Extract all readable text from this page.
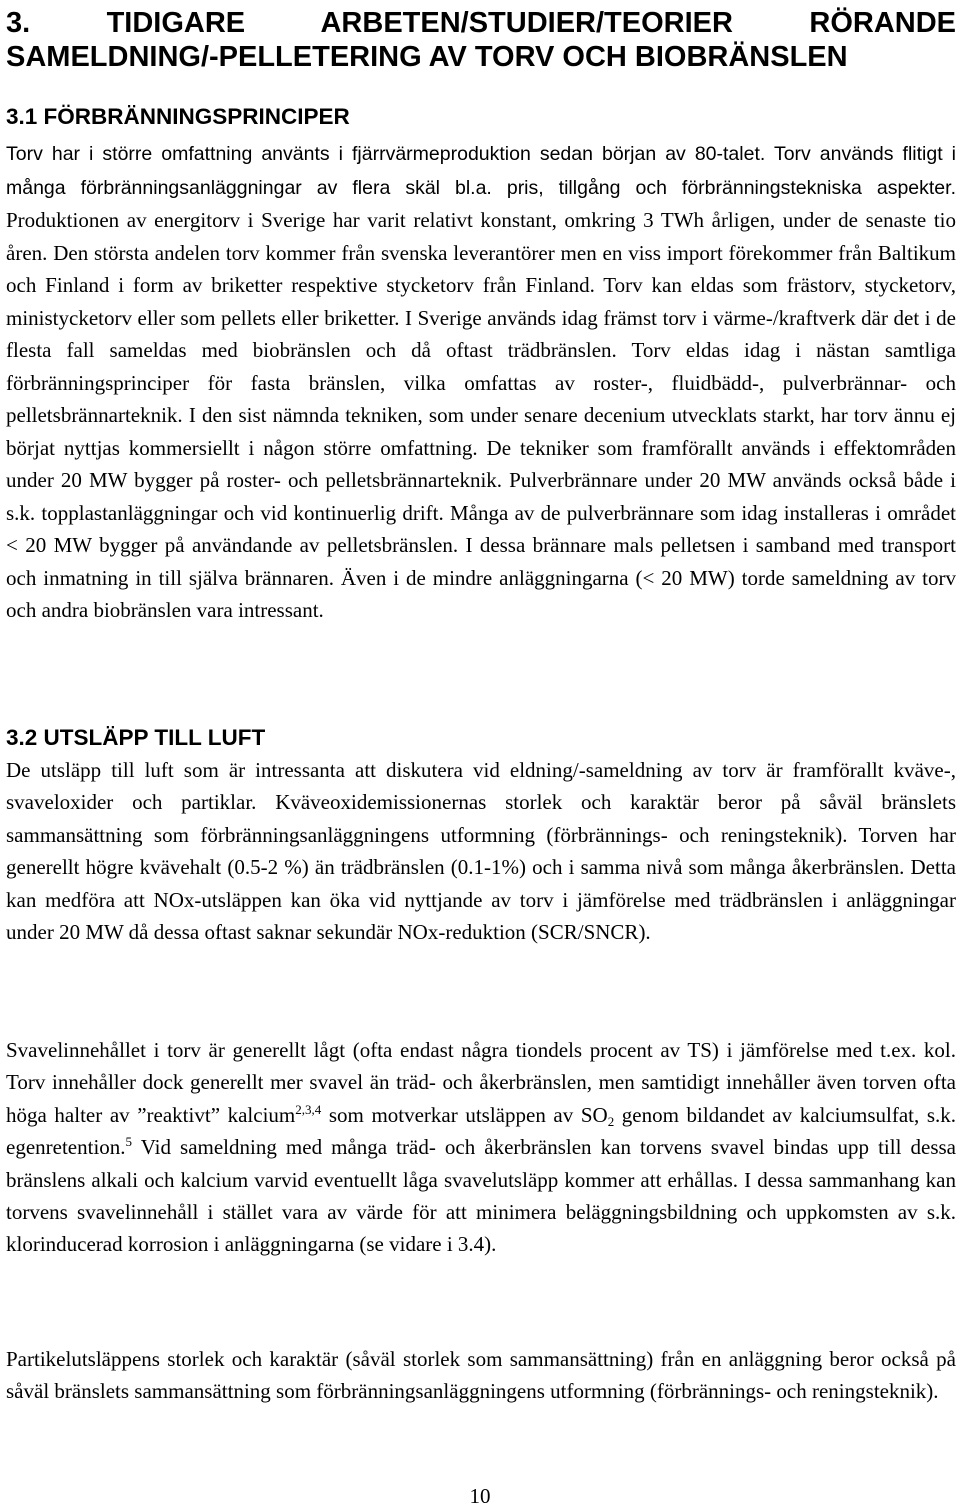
3. TIDIGARE ARBETEN/STUDIER/TEORIER RÖRANDE SAMELDNING/-PELLETERING AV TORV OCH BIOBRÄNSLEN
3.1 FÖRBRÄNNINGSPRINCIPER

Torv har i större omfattning använts i fjärrvärmeproduktion sedan början av 80-talet. Torv används flitigt i många förbränningsanläggningar av flera skäl bl.a. pris, tillgång och förbränningstekniska aspekter. Produktionen av energitorv i Sverige har varit relativt konstant, omkring 3 TWh årligen, under de senaste tio åren. Den största andelen torv kommer från svenska leverantörer men en viss import förekommer från Baltikum och Finland i form av briketter respektive stycketorv från Finland. Torv kan eldas som frästorv, stycketorv, ministycketorv eller som pellets eller briketter. I Sverige används idag främst torv i värme-/kraftverk där det i de flesta fall sameldas med biobränslen och då oftast trädbränslen. Torv eldas idag i nästan samtliga förbränningsprinciper för fasta bränslen, vilka omfattas av roster-, fluidbädd-, pulverbrännar- och pelletsbrännarteknik. I den sist nämnda tekniken, som under senare decenium utvecklats starkt, har torv ännu ej börjat nyttjas kommersiellt i någon större omfattning. De tekniker som framförallt används i effektområden under 20 MW bygger på roster- och pelletsbrännarteknik. Pulverbrännare under 20 MW används också både i s.k. topplastanläggningar och vid kontinuerlig drift. Många av de pulverbrännare som idag installeras i området < 20 MW bygger på användande av pelletsbränslen. I dessa brännare mals pelletsen i samband med transport och inmatning in till själva brännaren. Även i de mindre anläggningarna (< 20 MW) torde sameldning av torv och andra biobränslen vara intressant.

3.2 UTSLÄPP TILL LUFT

De utsläpp till luft som är intressanta att diskutera vid eldning/-sameldning av torv är framförallt kväve-, svaveloxider och partiklar. Kväveoxidemissionernas storlek och karaktär beror på såväl bränslets sammansättning som förbränningsanläggningens utformning (förbrännings- och reningsteknik). Torven har generellt högre kvävehalt (0.5-2 %) än trädbränslen (0.1-1%) och i samma nivå som många åkerbränslen. Detta kan medföra att NOx-utsläppen kan öka vid nyttjande av torv i jämförelse med trädbränslen i anläggningar under 20 MW då dessa oftast saknar sekundär NOx-reduktion (SCR/SNCR).

Svavelinnehållet i torv är generellt lågt (ofta endast några tiondels procent av TS) i jämförelse med t.ex. kol. Torv innehåller dock generellt mer svavel än träd- och åkerbränslen, men samtidigt innehåller även torven ofta höga halter av ”reaktivt” kalcium$^{2,3,4}$ som motverkar utsläppen av $SO_2$ genom bildandet av kalciumsulfat, s.k. egenretention.$^5$ Vid sameldning med många träd- och åkerbränslen kan torvens svavel bindas upp till dessa bränslens alkali och kalcium varvid eventuellt låga svavelutsläpp kommer att erhållas. I dessa sammanhang kan torvens svavelinnehåll i stället vara av värde för att minimera beläggningsbildning och uppkomsten av s.k. klorinducerad korrosion i anläggningarna (se vidare i 3.4).

Partikelutsläppens storlek och karaktär (såväl storlek som sammansättning) från en anläggning beror också på såväl bränslets sammansättning som förbränningsanläggningens utformning (förbrännings- och reningsteknik).

10
